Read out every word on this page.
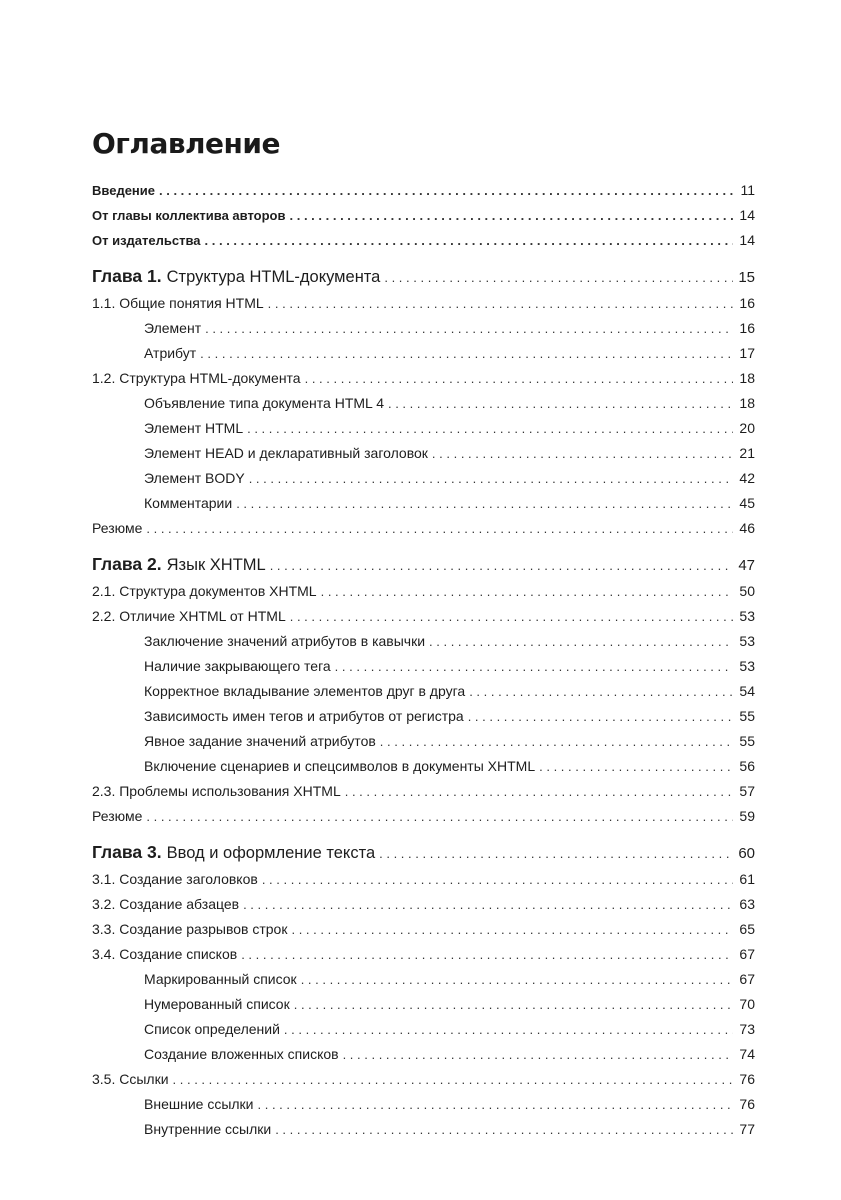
Оглавление
Введение . . .	11
От главы коллектива авторов . . .	14
От издательства . . .	14
Глава 1. Структура HTML-документа . . .	15
1.1. Общие понятия HTML . . .	16
Элемент . . .	16
Атрибут . . .	17
1.2. Структура HTML-документа . . .	18
Объявление типа документа HTML 4 . . .	18
Элемент HTML . . .	20
Элемент HEAD и декларативный заголовок . . .	21
Элемент BODY . . .	42
Комментарии . . .	45
Резюме . . .	46
Глава 2. Язык XHTML . . .	47
2.1. Структура документов XHTML . . .	50
2.2. Отличие XHTML от HTML . . .	53
Заключение значений атрибутов в кавычки . . .	53
Наличие закрывающего тега . . .	53
Корректное вкладывание элементов друг в друга . . .	54
Зависимость имен тегов и атрибутов от регистра . . .	55
Явное задание значений атрибутов . . .	55
Включение сценариев и спецсимволов в документы XHTML . . .	56
2.3. Проблемы использования XHTML . . .	57
Резюме . . .	59
Глава 3. Ввод и оформление текста . . .	60
3.1. Создание заголовков . . .	61
3.2. Создание абзацев . . .	63
3.3. Создание разрывов строк . . .	65
3.4. Создание списков . . .	67
Маркированный список . . .	67
Нумерованный список . . .	70
Список определений . . .	73
Создание вложенных списков . . .	74
3.5. Ссылки . . .	76
Внешние ссылки . . .	76
Внутренние ссылки . . .	77
